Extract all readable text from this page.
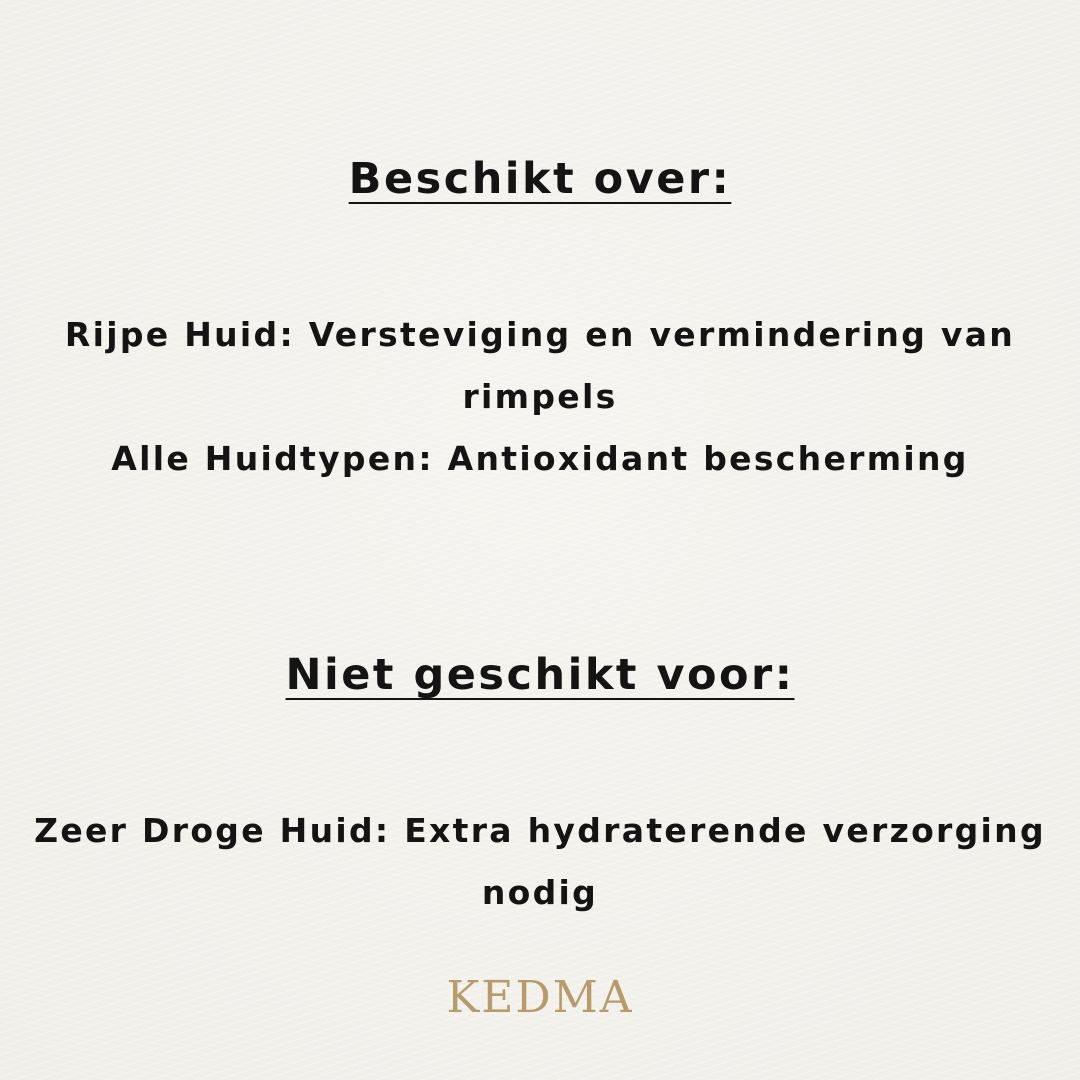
Beschikt over:
Rijpe Huid: Versteviging en vermindering van
rimpels
Alle Huidtypen: Antioxidant bescherming
Niet geschikt voor:
Zeer Droge Huid: Extra hydraterende verzorging
nodig
KEDMA
